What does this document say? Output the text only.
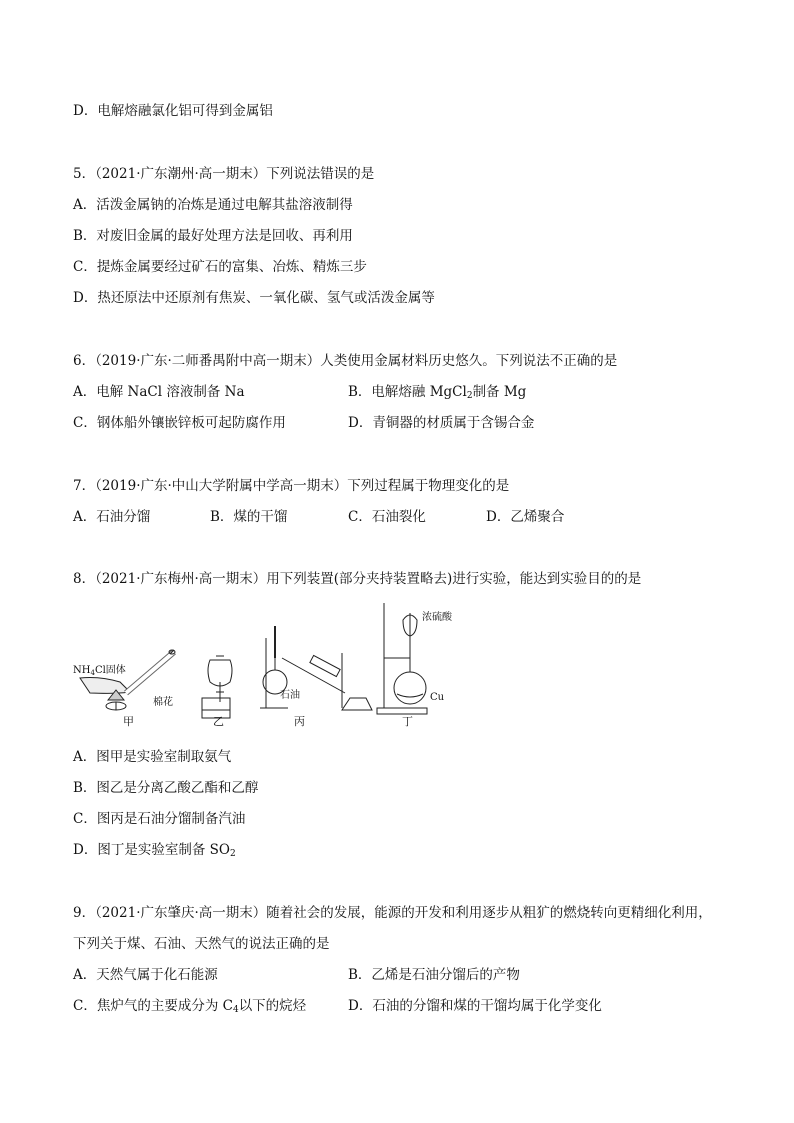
D．电解熔融氯化铝可得到金属铝
5．（2021·广东潮州·高一期末）下列说法错误的是
A．活泼金属钠的冶炼是通过电解其盐溶液制得
B．对废旧金属的最好处理方法是回收、再利用
C．提炼金属要经过矿石的富集、冶炼、精炼三步
D．热还原法中还原剂有焦炭、一氧化碳、氢气或活泼金属等
6．（2019·广东·二师番禺附中高一期末）人类使用金属材料历史悠久。下列说法不正确的是
A．电解 NaCl 溶液制备 Na	B．电解熔融 MgCl$_2$制备 Mg
C．钢体船外镶嵌锌板可起防腐作用	D．青铜器的材质属于含锡合金
7．（2019·广东·中山大学附属中学高一期末）下列过程属于物理变化的是
A．石油分馏	B．煤的干馏	C．石油裂化	D．乙烯聚合
8．（2021·广东梅州·高一期末）用下列装置(部分夹持装置略去)进行实验，能达到实验目的的是
$NH_4Cl$固体
棉花
甲	乙
石油
丙
浓硫酸
Cu
丁
A．图甲是实验室制取氨气
B．图乙是分离乙酸乙酯和乙醇
C．图丙是石油分馏制备汽油
D．图丁是实验室制备 $SO_2$
9．（2021·广东肇庆·高一期末）随着社会的发展，能源的开发和利用逐步从粗犷的燃烧转向更精细化利用，
下列关于煤、石油、天然气的说法正确的是
A．天然气属于化石能源	B．乙烯是石油分馏后的产物
C．焦炉气的主要成分为 $C_4$以下的烷烃	D．石油的分馏和煤的干馏均属于化学变化
